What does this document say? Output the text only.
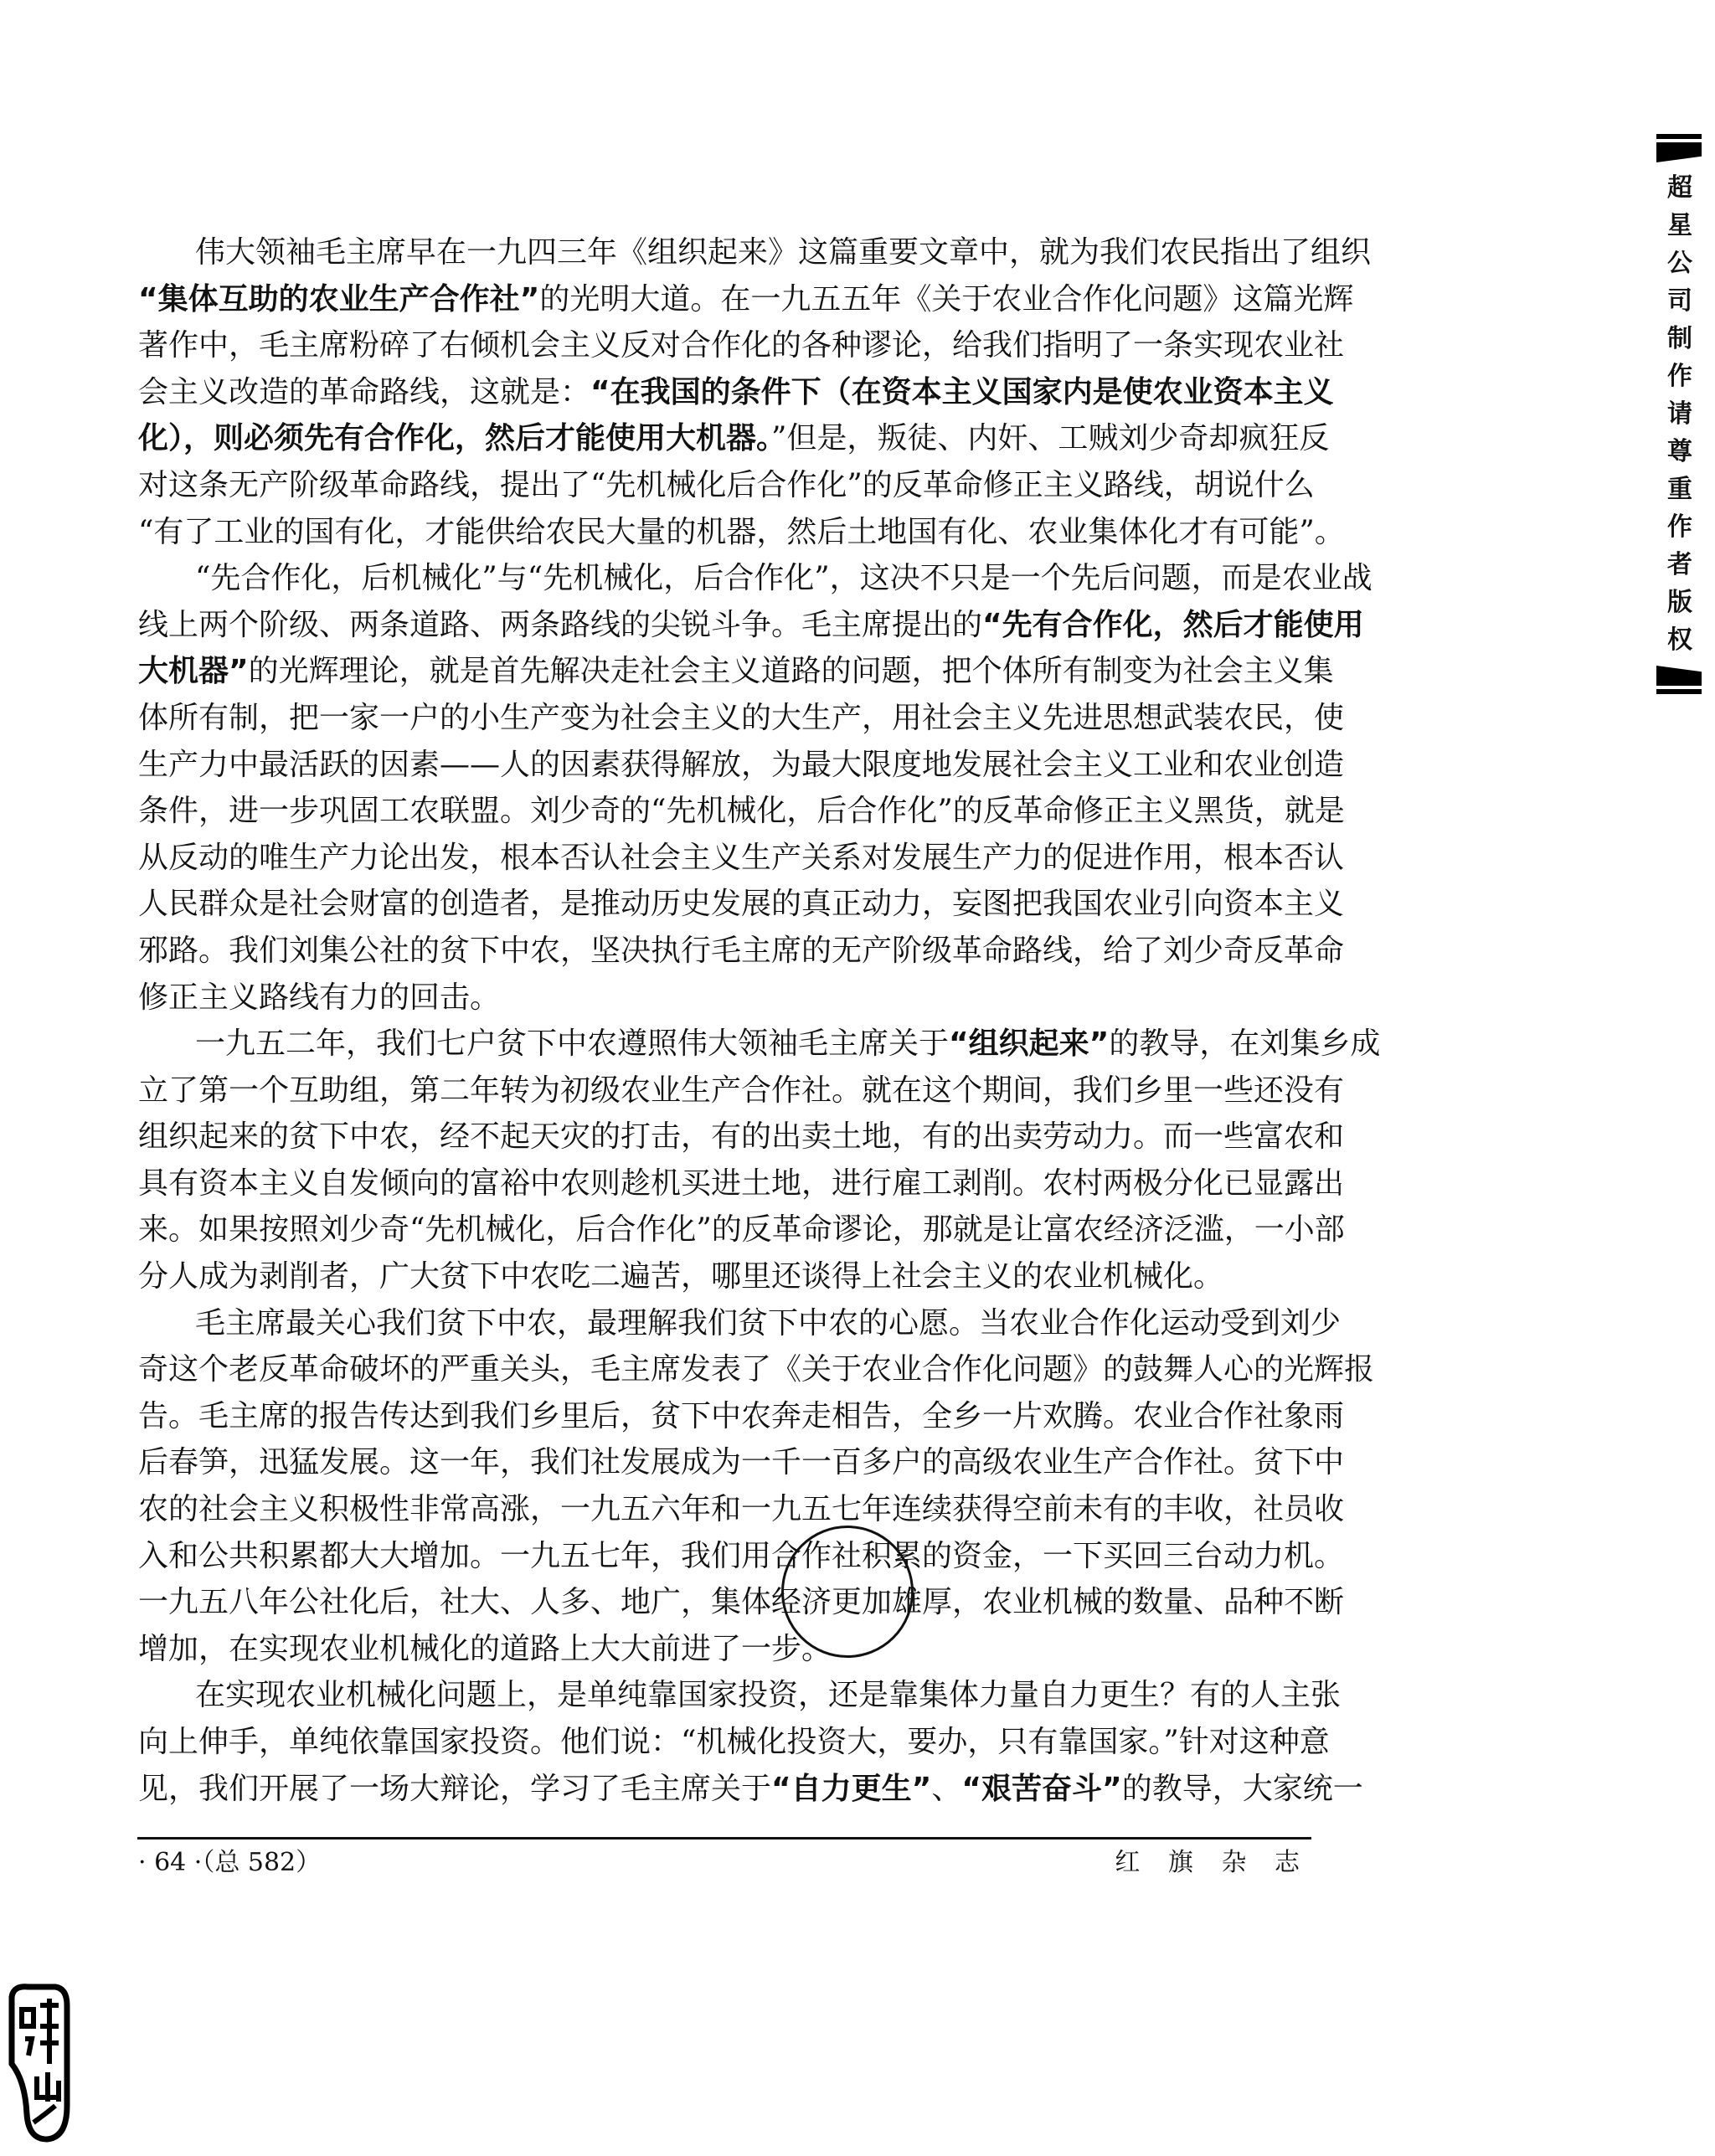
伟大领袖毛主席早在一九四三年《组织起来》这篇重要文章中，就为我们农民指出了组织
“集体互助的农业生产合作社”的光明大道。在一九五五年《关于农业合作化问题》这篇光辉
著作中，毛主席粉碎了右倾机会主义反对合作化的各种谬论，给我们指明了一条实现农业社
会主义改造的革命路线，这就是：“在我国的条件下（在资本主义国家内是使农业资本主义
化），则必须先有合作化，然后才能使用大机器。”但是，叛徒、内奸、工贼刘少奇却疯狂反
对这条无产阶级革命路线，提出了“先机械化后合作化”的反革命修正主义路线，胡说什么
“有了工业的国有化，才能供给农民大量的机器，然后土地国有化、农业集体化才有可能”。
“先合作化，后机械化”与“先机械化，后合作化”，这决不只是一个先后问题，而是农业战
线上两个阶级、两条道路、两条路线的尖锐斗争。毛主席提出的“先有合作化，然后才能使用
大机器”的光辉理论，就是首先解决走社会主义道路的问题，把个体所有制变为社会主义集
体所有制，把一家一户的小生产变为社会主义的大生产，用社会主义先进思想武装农民，使
生产力中最活跃的因素——人的因素获得解放，为最大限度地发展社会主义工业和农业创造
条件，进一步巩固工农联盟。刘少奇的“先机械化，后合作化”的反革命修正主义黑货，就是
从反动的唯生产力论出发，根本否认社会主义生产关系对发展生产力的促进作用，根本否认
人民群众是社会财富的创造者，是推动历史发展的真正动力，妄图把我国农业引向资本主义
邪路。我们刘集公社的贫下中农，坚决执行毛主席的无产阶级革命路线，给了刘少奇反革命
修正主义路线有力的回击。
一九五二年，我们七户贫下中农遵照伟大领袖毛主席关于“组织起来”的教导，在刘集乡成
立了第一个互助组，第二年转为初级农业生产合作社。就在这个期间，我们乡里一些还没有
组织起来的贫下中农，经不起天灾的打击，有的出卖土地，有的出卖劳动力。而一些富农和
具有资本主义自发倾向的富裕中农则趁机买进土地，进行雇工剥削。农村两极分化已显露出
来。如果按照刘少奇“先机械化，后合作化”的反革命谬论，那就是让富农经济泛滥，一小部
分人成为剥削者，广大贫下中农吃二遍苦，哪里还谈得上社会主义的农业机械化。
毛主席最关心我们贫下中农，最理解我们贫下中农的心愿。当农业合作化运动受到刘少
奇这个老反革命破坏的严重关头，毛主席发表了《关于农业合作化问题》的鼓舞人心的光辉报
告。毛主席的报告传达到我们乡里后，贫下中农奔走相告，全乡一片欢腾。农业合作社象雨
后春笋，迅猛发展。这一年，我们社发展成为一千一百多户的高级农业生产合作社。贫下中
农的社会主义积极性非常高涨，一九五六年和一九五七年连续获得空前未有的丰收，社员收
入和公共积累都大大增加。一九五七年，我们用合作社积累的资金，一下买回三台动力机。
一九五八年公社化后，社大、人多、地广，集体经济更加雄厚，农业机械的数量、品种不断
增加，在实现农业机械化的道路上大大前进了一步。
在实现农业机械化问题上，是单纯靠国家投资，还是靠集体力量自力更生？有的人主张
向上伸手，单纯依靠国家投资。他们说：“机械化投资大，要办，只有靠国家。”针对这种意
见，我们开展了一场大辩论，学习了毛主席关于“自力更生”、“艰苦奋斗”的教导，大家统一
· 64 ·（总 582）	红 旗 杂 志
超
星
公
司
制
作
请
尊
重
作
者
版
权
